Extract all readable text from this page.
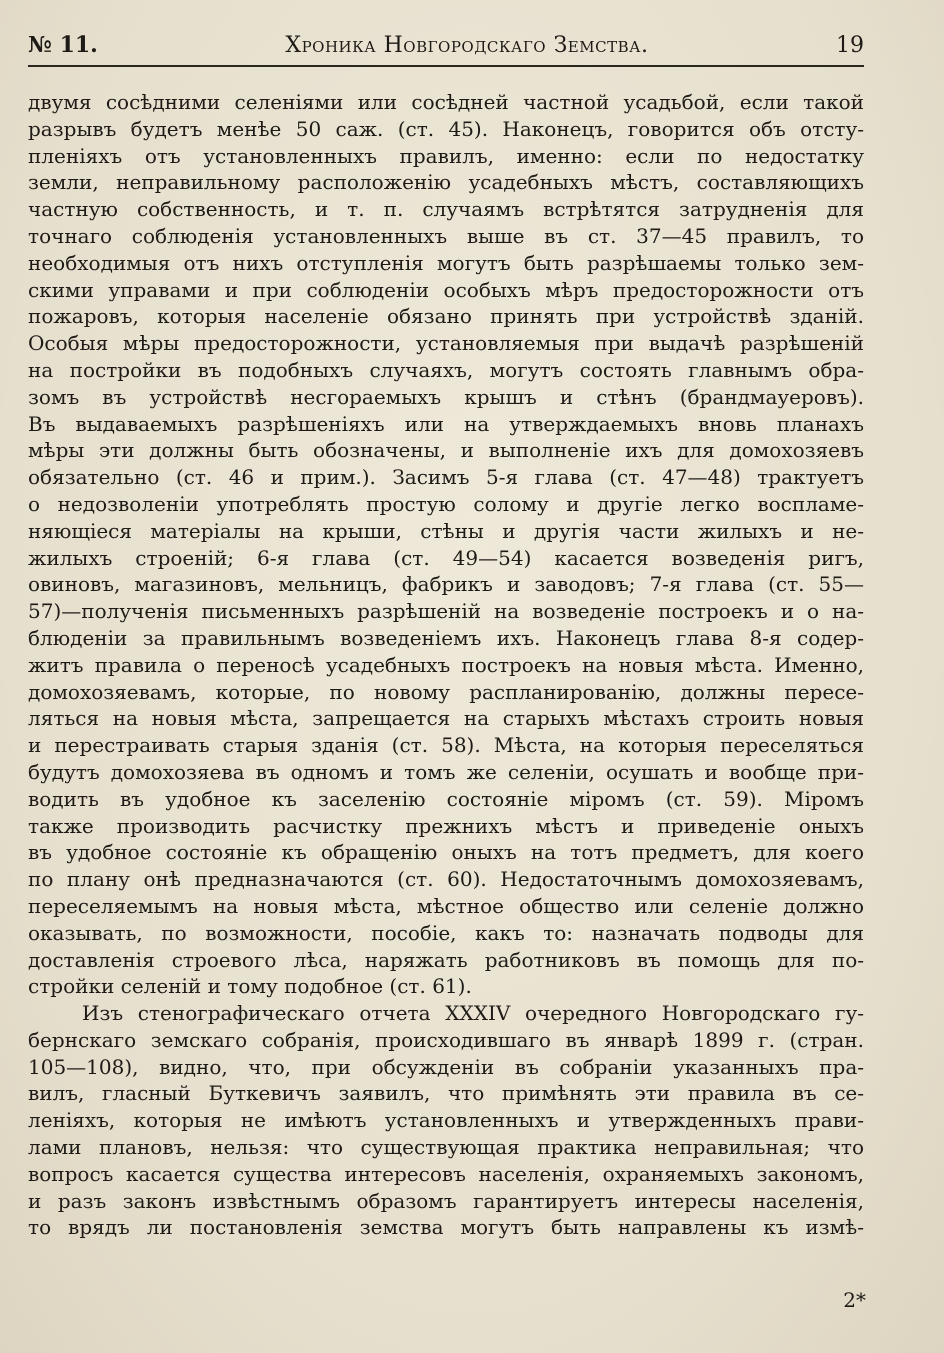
№ 11.	Хроника Новгородскаго Земства.	19
двумя сосѣдними селеніями или сосѣдней частной усадьбой, если такой
разрывъ будетъ менѣе 50 саж. (ст. 45). Наконецъ, говорится объ отсту-
пленіяхъ отъ установленныхъ правилъ, именно: если по недостатку
земли, неправильному расположенію усадебныхъ мѣстъ, составляющихъ
частную собственность, и т. п. случаямъ встрѣтятся затрудненія для
точнаго соблюденія установленныхъ выше въ ст. 37—45 правилъ, то
необходимыя отъ нихъ отступленія могутъ быть разрѣшаемы только зем-
скими управами и при соблюденіи особыхъ мѣръ предосторожности отъ
пожаровъ, которыя населеніе обязано принять при устройствѣ зданій.
Особыя мѣры предосторожности, установляемыя при выдачѣ разрѣшеній
на постройки въ подобныхъ случаяхъ, могутъ состоять главнымъ обра-
зомъ въ устройствѣ несгораемыхъ крышъ и стѣнъ (брандмауеровъ).
Въ выдаваемыхъ разрѣшеніяхъ или на утверждаемыхъ вновь планахъ
мѣры эти должны быть обозначены, и выполненіе ихъ для домохозяевъ
обязательно (ст. 46 и прим.). Засимъ 5-я глава (ст. 47—48) трактуетъ
о недозволеніи употреблять простую солому и другіе легко воспламе-
няющіеся матеріалы на крыши, стѣны и другія части жилыхъ и не-
жилыхъ строеній; 6-я глава (ст. 49—54) касается возведенія ригъ,
овиновъ, магазиновъ, мельницъ, фабрикъ и заводовъ; 7-я глава (ст. 55—
57)—полученія письменныхъ разрѣшеній на возведеніе построекъ и о на-
блюденіи за правильнымъ возведеніемъ ихъ. Наконецъ глава 8-я содер-
житъ правила о переносѣ усадебныхъ построекъ на новыя мѣста. Именно,
домохозяевамъ, которые, по новому распланированію, должны пересе-
ляться на новыя мѣста, запрещается на старыхъ мѣстахъ строить новыя
и перестраивать старыя зданія (ст. 58). Мѣста, на которыя переселяться
будутъ домохозяева въ одномъ и томъ же селеніи, осушать и вообще при-
водить въ удобное къ заселенію состояніе міромъ (ст. 59). Міромъ
также производить расчистку прежнихъ мѣстъ и приведеніе оныхъ
въ удобное состояніе къ обращенію оныхъ на тотъ предметъ, для коего
по плану онѣ предназначаются (ст. 60). Недостаточнымъ домохозяевамъ,
переселяемымъ на новыя мѣста, мѣстное общество или селеніе должно
оказывать, по возможности, пособіе, какъ то: назначать подводы для
доставленія строевого лѣса, наряжать работниковъ въ помощь для по-
стройки селеній и тому подобное (ст. 61).
Изъ стенографическаго отчета XXXIV очередного Новгородскаго гу-
бернскаго земскаго собранія, происходившаго въ январѣ 1899 г. (стран.
105—108), видно, что, при обсужденіи въ собраніи указанныхъ пра-
вилъ, гласный Буткевичъ заявилъ, что примѣнять эти правила въ се-
леніяхъ, которыя не имѣютъ установленныхъ и утвержденныхъ прави-
лами плановъ, нельзя: что существующая практика неправильная; что
вопросъ касается существа интересовъ населенія, охраняемыхъ закономъ,
и разъ законъ извѣстнымъ образомъ гарантируетъ интересы населенія,
то врядъ ли постановленія земства могутъ быть направлены къ измѣ-
2*
